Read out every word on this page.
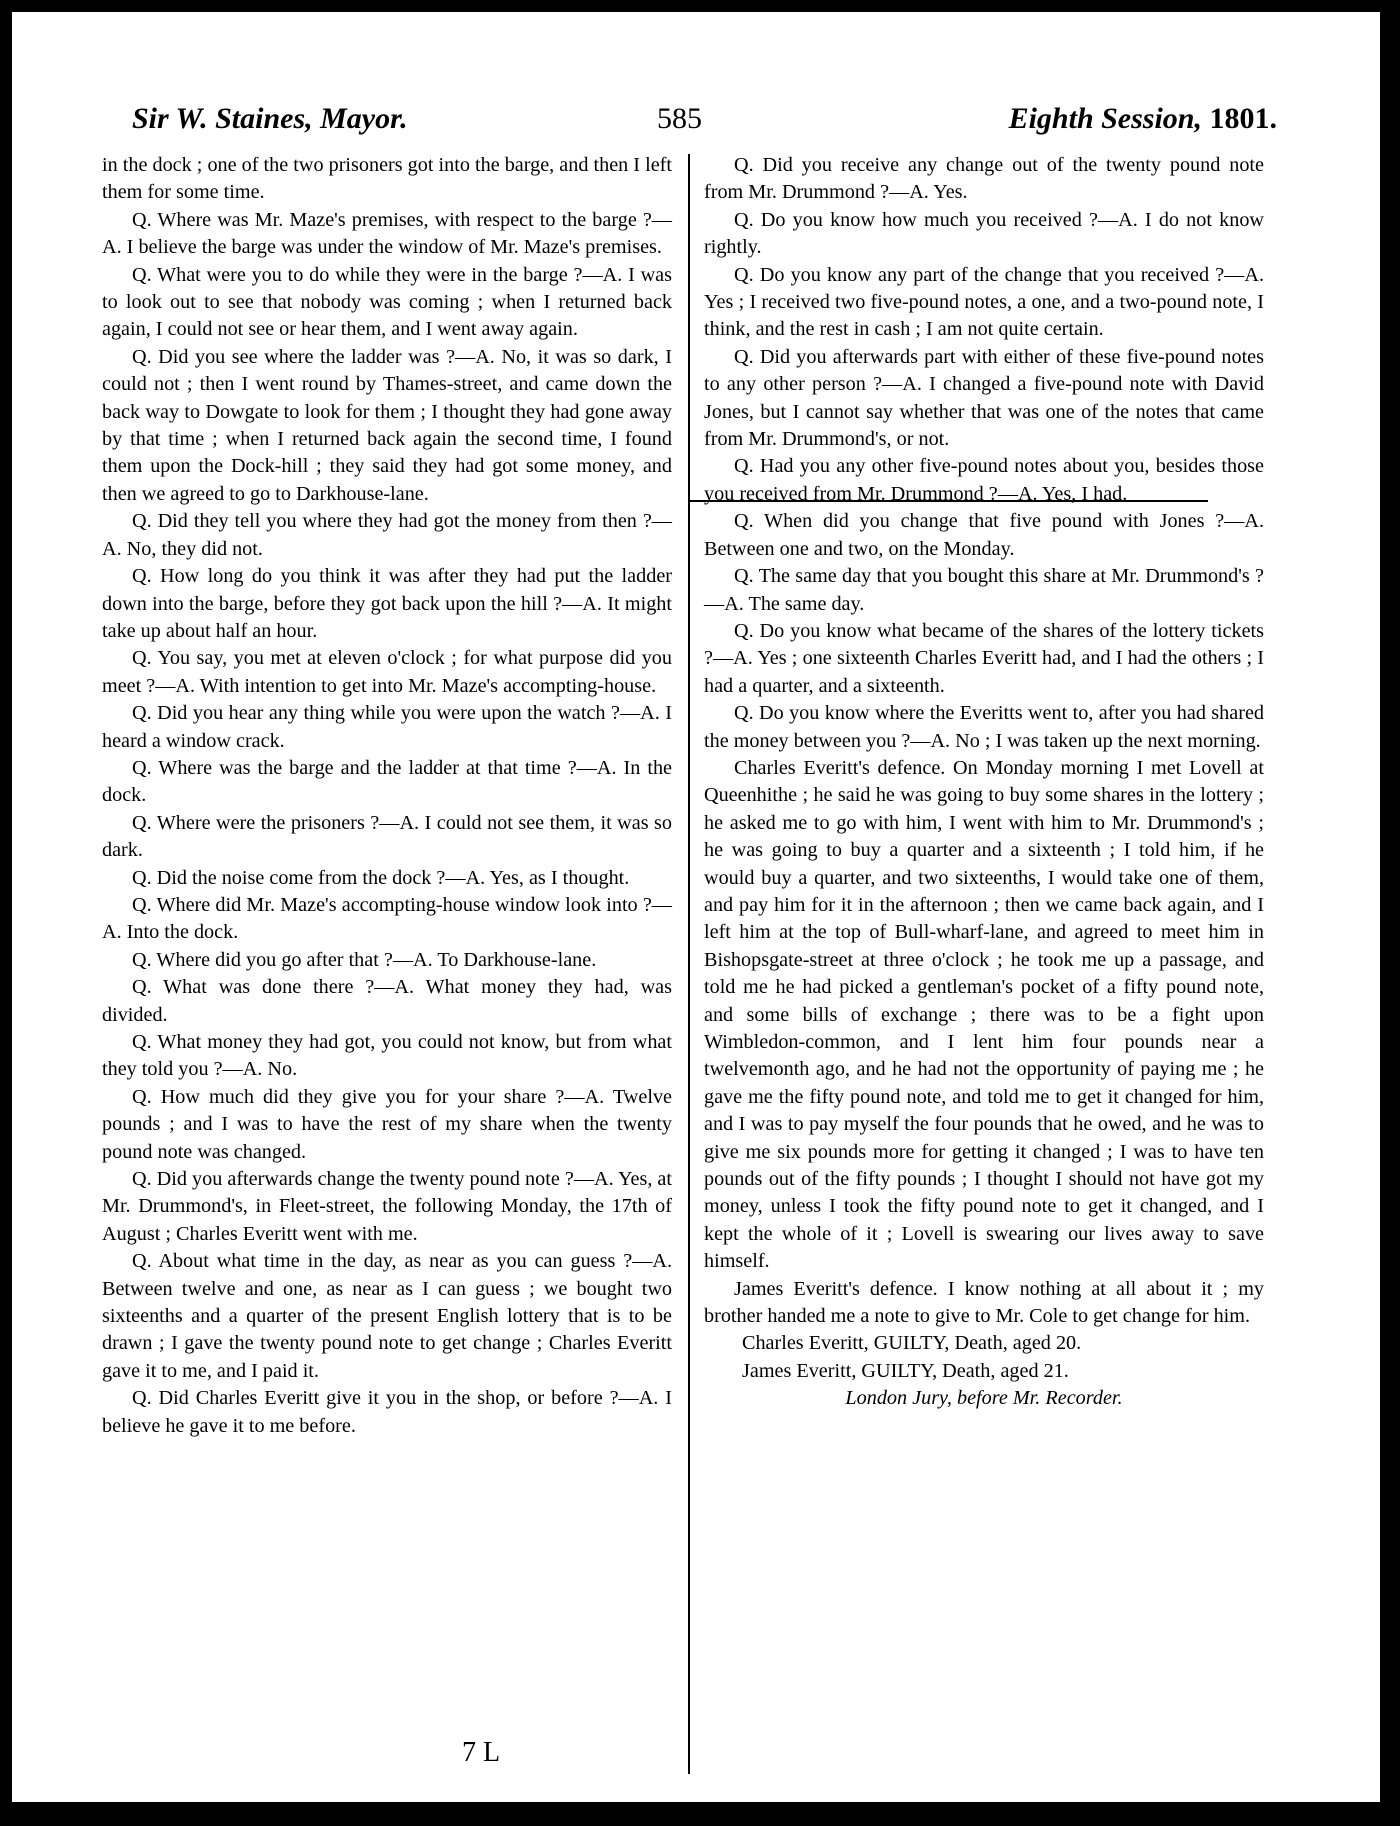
Sir W. Staines, Mayor.	585	Eighth Session, 1801.

in the dock ; one of the two prisoners got into the barge, and then I left them for some time.

Q. Where was Mr. Maze's premises, with respect to the barge ?—A. I believe the barge was under the window of Mr. Maze's premises.

Q. What were you to do while they were in the barge ?—A. I was to look out to see that nobody was coming ; when I returned back again, I could not see or hear them, and I went away again.

Q. Did you see where the ladder was ?—A. No, it was so dark, I could not ; then I went round by Thames-street, and came down the back way to Dowgate to look for them ; I thought they had gone away by that time ; when I returned back again the second time, I found them upon the Dock-hill ; they said they had got some money, and then we agreed to go to Darkhouse-lane.

Q. Did they tell you where they had got the money from then ?—A. No, they did not.

Q. How long do you think it was after they had put the ladder down into the barge, before they got back upon the hill ?—A. It might take up about half an hour.

Q. You say, you met at eleven o'clock ; for what purpose did you meet ?—A. With intention to get into Mr. Maze's accompting-house.

Q. Did you hear any thing while you were upon the watch ?—A. I heard a window crack.

Q. Where was the barge and the ladder at that time ?—A. In the dock.

Q. Where were the prisoners ?—A. I could not see them, it was so dark.

Q. Did the noise come from the dock ?—A. Yes, as I thought.

Q. Where did Mr. Maze's accompting-house window look into ?—A. Into the dock.

Q. Where did you go after that ?—A. To Darkhouse-lane.

Q. What was done there ?—A. What money they had, was divided.

Q. What money they had got, you could not know, but from what they told you ?—A. No.

Q. How much did they give you for your share ?—A. Twelve pounds ; and I was to have the rest of my share when the twenty pound note was changed.

Q. Did you afterwards change the twenty pound note ?—A. Yes, at Mr. Drummond's, in Fleet-street, the following Monday, the 17th of August ; Charles Everitt went with me.

Q. About what time in the day, as near as you can guess ?—A. Between twelve and one, as near as I can guess ; we bought two sixteenths and a quarter of the present English lottery that is to be drawn ; I gave the twenty pound note to get change ; Charles Everitt gave it to me, and I paid it.

Q. Did Charles Everitt give it you in the shop, or before ?—A. I believe he gave it to me before.

Q. Did you receive any change out of the twenty pound note from Mr. Drummond ?—A. Yes.

Q. Do you know how much you received ?—A. I do not know rightly.

Q. Do you know any part of the change that you received ?—A. Yes ; I received two five-pound notes, a one, and a two-pound note, I think, and the rest in cash ; I am not quite certain.

Q. Did you afterwards part with either of these five-pound notes to any other person ?—A. I changed a five-pound note with David Jones, but I cannot say whether that was one of the notes that came from Mr. Drummond's, or not.

Q. Had you any other five-pound notes about you, besides those you received from Mr. Drummond ?—A. Yes, I had.

Q. When did you change that five pound with Jones ?—A. Between one and two, on the Monday.

Q. The same day that you bought this share at Mr. Drummond's ?—A. The same day.

Q. Do you know what became of the shares of the lottery tickets ?—A. Yes ; one sixteenth Charles Everitt had, and I had the others ; I had a quarter, and a sixteenth.

Q. Do you know where the Everitts went to, after you had shared the money between you ?—A. No ; I was taken up the next morning.

Charles Everitt's defence. On Monday morning I met Lovell at Queenhithe ; he said he was going to buy some shares in the lottery ; he asked me to go with him, I went with him to Mr. Drummond's ; he was going to buy a quarter and a sixteenth ; I told him, if he would buy a quarter, and two sixteenths, I would take one of them, and pay him for it in the afternoon ; then we came back again, and I left him at the top of Bull-wharf-lane, and agreed to meet him in Bishopsgate-street at three o'clock ; he took me up a passage, and told me he had picked a gentleman's pocket of a fifty pound note, and some bills of exchange ; there was to be a fight upon Wimbledon-common, and I lent him four pounds near a twelvemonth ago, and he had not the opportunity of paying me ; he gave me the fifty pound note, and told me to get it changed for him, and I was to pay myself the four pounds that he owed, and he was to give me six pounds more for getting it changed ; I was to have ten pounds out of the fifty pounds ; I thought I should not have got my money, unless I took the fifty pound note to get it changed, and I kept the whole of it ; Lovell is swearing our lives away to save himself.

James Everitt's defence. I know nothing at all about it ; my brother handed me a note to give to Mr. Cole to get change for him.

Charles Everitt, GUILTY, Death, aged 20.

James Everitt, GUILTY, Death, aged 21.

London Jury, before Mr. Recorder.

7 L
